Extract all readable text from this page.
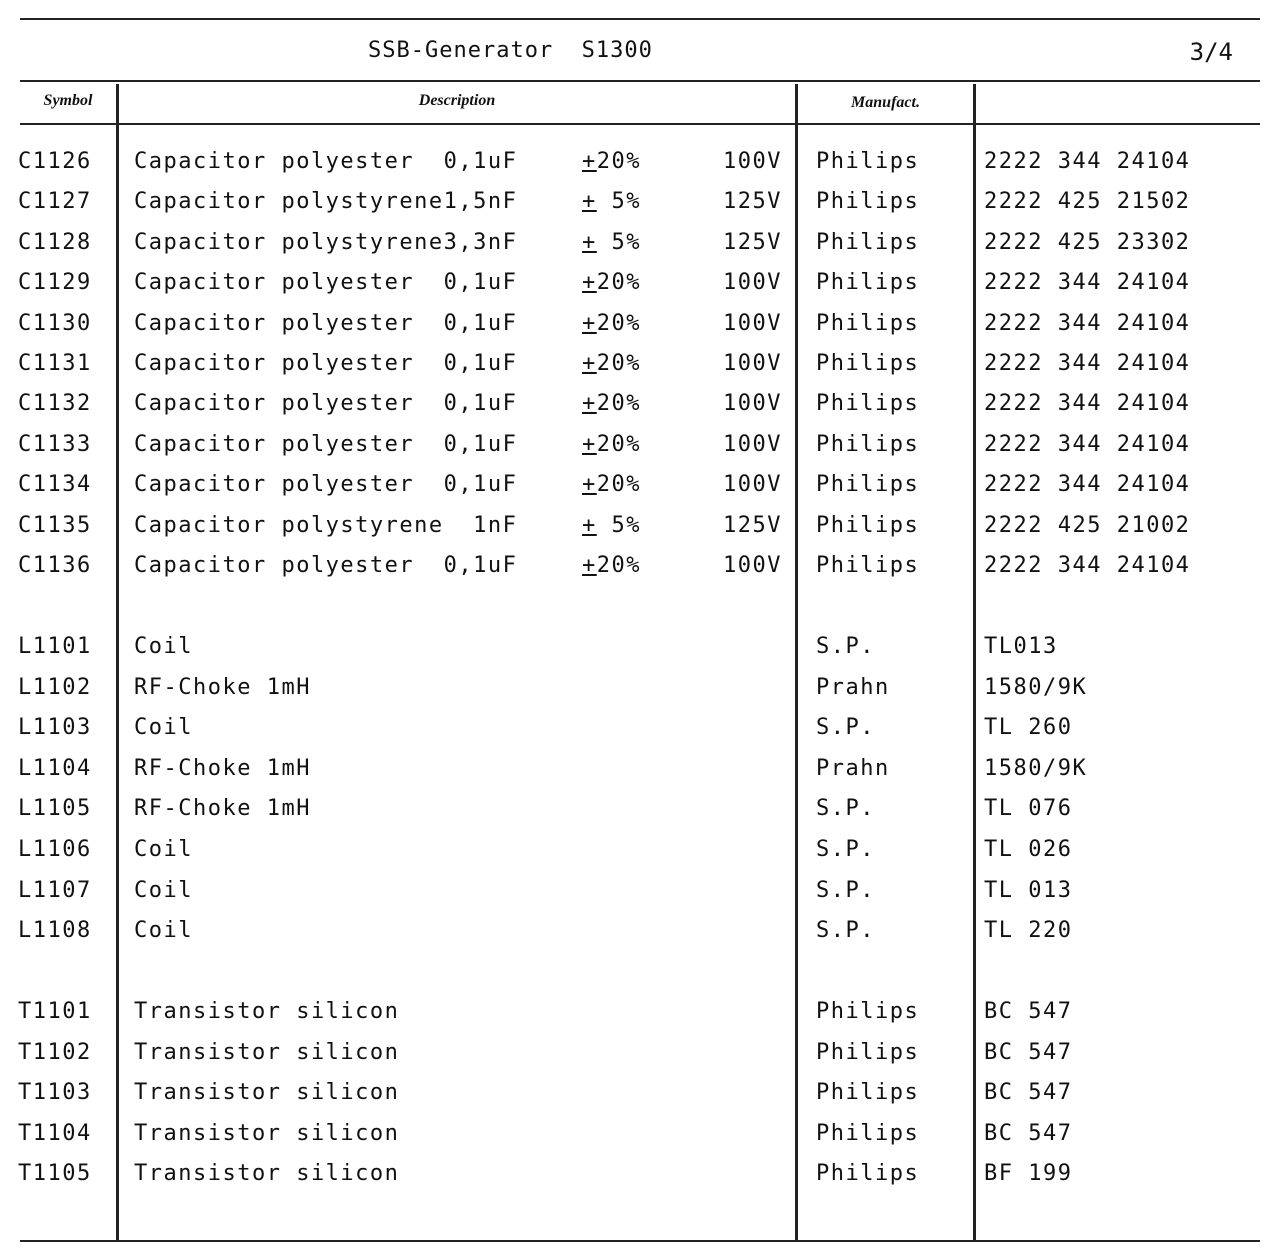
SSB-Generator  S1300	3/4
Symbol	Description	Manufact.
C1126 Capacitor polyester  0,1uF	+20%	100V Philips	2222 344 24104
C1127 Capacitor polystyrene1,5nF	+ 5%	125V Philips	2222 425 21502
C1128 Capacitor polystyrene3,3nF	+ 5%	125V Philips	2222 425 23302
C1129 Capacitor polyester  0,1uF	+20%	100V Philips	2222 344 24104
C1130 Capacitor polyester  0,1uF	+20%	100V Philips	2222 344 24104
C1131 Capacitor polyester  0,1uF	+20%	100V Philips	2222 344 24104
C1132 Capacitor polyester  0,1uF	+20%	100V Philips	2222 344 24104
C1133 Capacitor polyester  0,1uF	+20%	100V Philips	2222 344 24104
C1134 Capacitor polyester  0,1uF	+20%	100V Philips	2222 344 24104
C1135 Capacitor polystyrene  1nF	+ 5%	125V Philips	2222 425 21002
C1136 Capacitor polyester  0,1uF	+20%	100V Philips	2222 344 24104
L1101 Coil	S.P.	TL013
L1102 RF-Choke 1mH	Prahn	1580/9K
L1103 Coil	S.P.	TL 260
L1104 RF-Choke 1mH	Prahn	1580/9K
L1105 RF-Choke 1mH	S.P.	TL 076
L1106 Coil	S.P.	TL 026
L1107 Coil	S.P.	TL 013
L1108 Coil	S.P.	TL 220
T1101 Transistor silicon	Philips	BC 547
T1102 Transistor silicon	Philips	BC 547
T1103 Transistor silicon	Philips	BC 547
T1104 Transistor silicon	Philips	BC 547
T1105 Transistor silicon	Philips	BF 199
